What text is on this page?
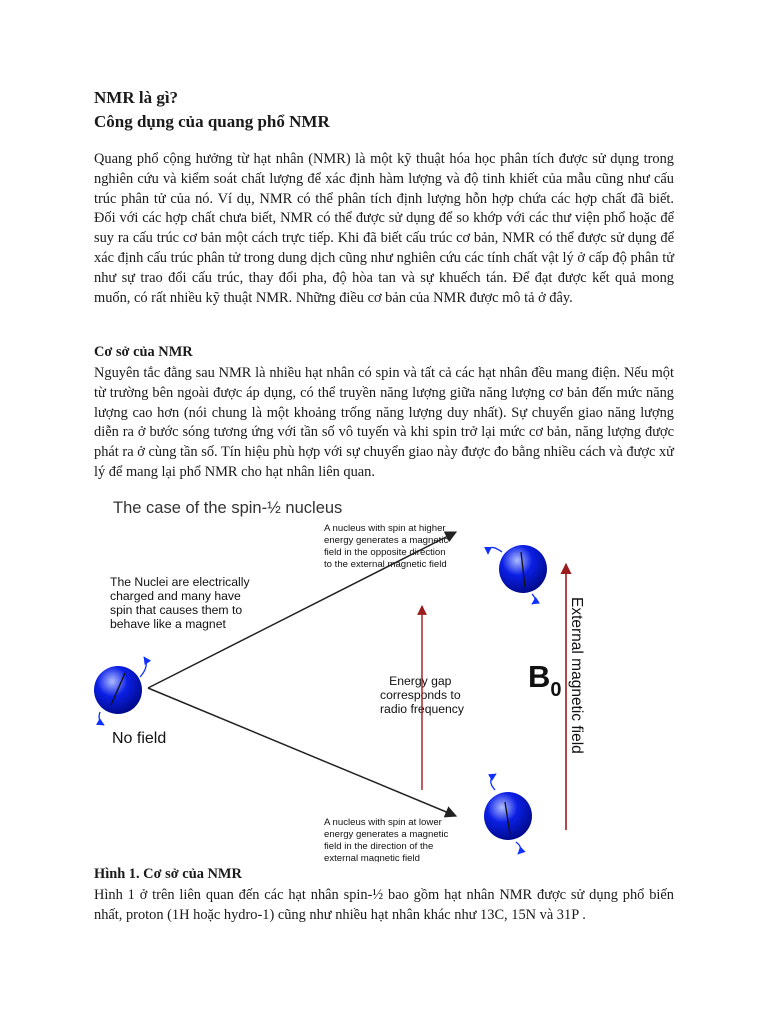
NMR là gì?
Công dụng của quang phổ NMR

Quang phổ cộng hưởng từ hạt nhân (NMR) là một kỹ thuật hóa học phân tích được sử dụng trong nghiên cứu và kiểm soát chất lượng để xác định hàm lượng và độ tinh khiết của mẫu cũng như cấu trúc phân tử của nó. Ví dụ, NMR có thể phân tích định lượng hỗn hợp chứa các hợp chất đã biết. Đối với các hợp chất chưa biết, NMR có thể được sử dụng để so khớp với các thư viện phổ hoặc để suy ra cấu trúc cơ bản một cách trực tiếp. Khi đã biết cấu trúc cơ bản, NMR có thể được sử dụng để xác định cấu trúc phân tử trong dung dịch cũng như nghiên cứu các tính chất vật lý ở cấp độ phân tử như sự trao đổi cấu trúc, thay đổi pha, độ hòa tan và sự khuếch tán. Để đạt được kết quả mong muốn, có rất nhiều kỹ thuật NMR. Những điều cơ bản của NMR được mô tả ở đây.

Cơ sở của NMR

Nguyên tắc đằng sau NMR là nhiều hạt nhân có spin và tất cả các hạt nhân đều mang điện. Nếu một từ trường bên ngoài được áp dụng, có thể truyền năng lượng giữa năng lượng cơ bản đến mức năng lượng cao hơn (nói chung là một khoảng trống năng lượng duy nhất). Sự chuyển giao năng lượng diễn ra ở bước sóng tương ứng với tần số vô tuyến và khi spin trở lại mức cơ bản, năng lượng được phát ra ở cùng tần số. Tín hiệu phù hợp với sự chuyển giao này được đo bằng nhiều cách và được xử lý để mang lại phổ NMR cho hạt nhân liên quan.

The case of the spin-½ nucleus
The Nuclei are electrically charged and many have spin that causes them to behave like a magnet
A nucleus with spin at higher energy generates a magnetic field in the opposite direction to the external magnetic field
A nucleus with spin at lower energy generates a magnetic field in the direction of the external magnetic field
Energy gap corresponds to radio frequency
No field
$B_0$ External magnetic field
Hình 1. Cơ sở của NMR

Hình 1 ở trên liên quan đến các hạt nhân spin-½ bao gồm hạt nhân NMR được sử dụng phổ biến nhất, proton (1H hoặc hydro-1) cũng như nhiều hạt nhân khác như 13C, 15N và 31P .
